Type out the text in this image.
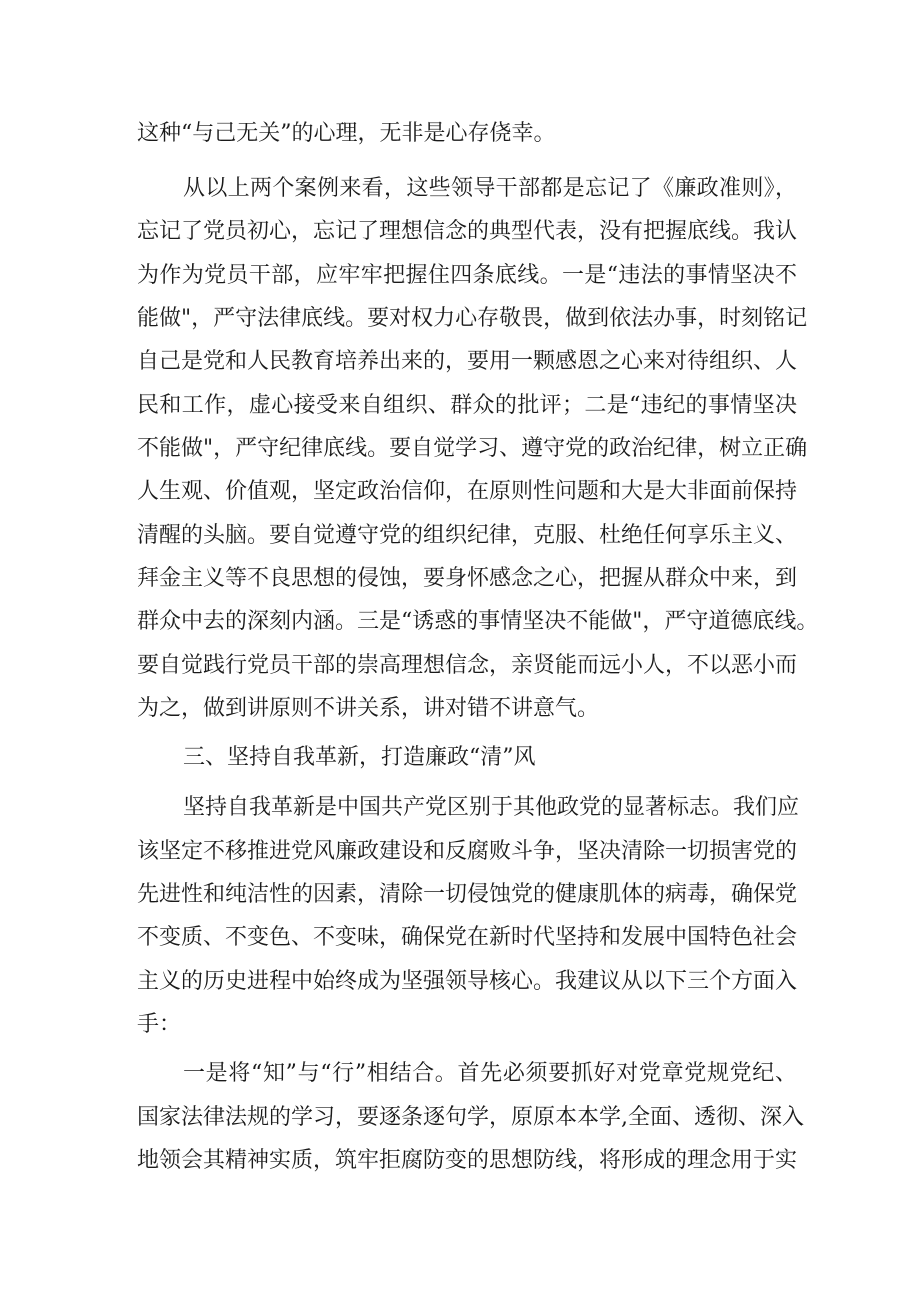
这种“与己无关”的心理，无非是心存侥幸。
从以上两个案例来看，这些领导干部都是忘记了《廉政准则》，
忘记了党员初心，忘记了理想信念的典型代表，没有把握底线。我认
为作为党员干部，应牢牢把握住四条底线。一是“违法的事情坚决不
能做"，严守法律底线。要对权力心存敬畏，做到依法办事，时刻铭记
自己是党和人民教育培养出来的，要用一颗感恩之心来对待组织、人
民和工作，虚心接受来自组织、群众的批评；二是“违纪的事情坚决
不能做"，严守纪律底线。要自觉学习、遵守党的政治纪律，树立正确
人生观、价值观，坚定政治信仰，在原则性问题和大是大非面前保持
清醒的头脑。要自觉遵守党的组织纪律，克服、杜绝任何享乐主义、
拜金主义等不良思想的侵蚀，要身怀感念之心，把握从群众中来，到
群众中去的深刻内涵。三是“诱惑的事情坚决不能做"，严守道德底线。
要自觉践行党员干部的崇高理想信念，亲贤能而远小人，不以恶小而
为之，做到讲原则不讲关系，讲对错不讲意气。
三、坚持自我革新，打造廉政“清”风
坚持自我革新是中国共产党区别于其他政党的显著标志。我们应
该坚定不移推进党风廉政建设和反腐败斗争，坚决清除一切损害党的
先进性和纯洁性的因素，清除一切侵蚀党的健康肌体的病毒，确保党
不变质、不变色、不变味，确保党在新时代坚持和发展中国特色社会
主义的历史进程中始终成为坚强领导核心。我建议从以下三个方面入
手：
一是将“知”与“行”相结合。首先必须要抓好对党章党规党纪、
国家法律法规的学习，要逐条逐句学，原原本本学,全面、透彻、深入
地领会其精神实质，筑牢拒腐防变的思想防线，将形成的理念用于实
